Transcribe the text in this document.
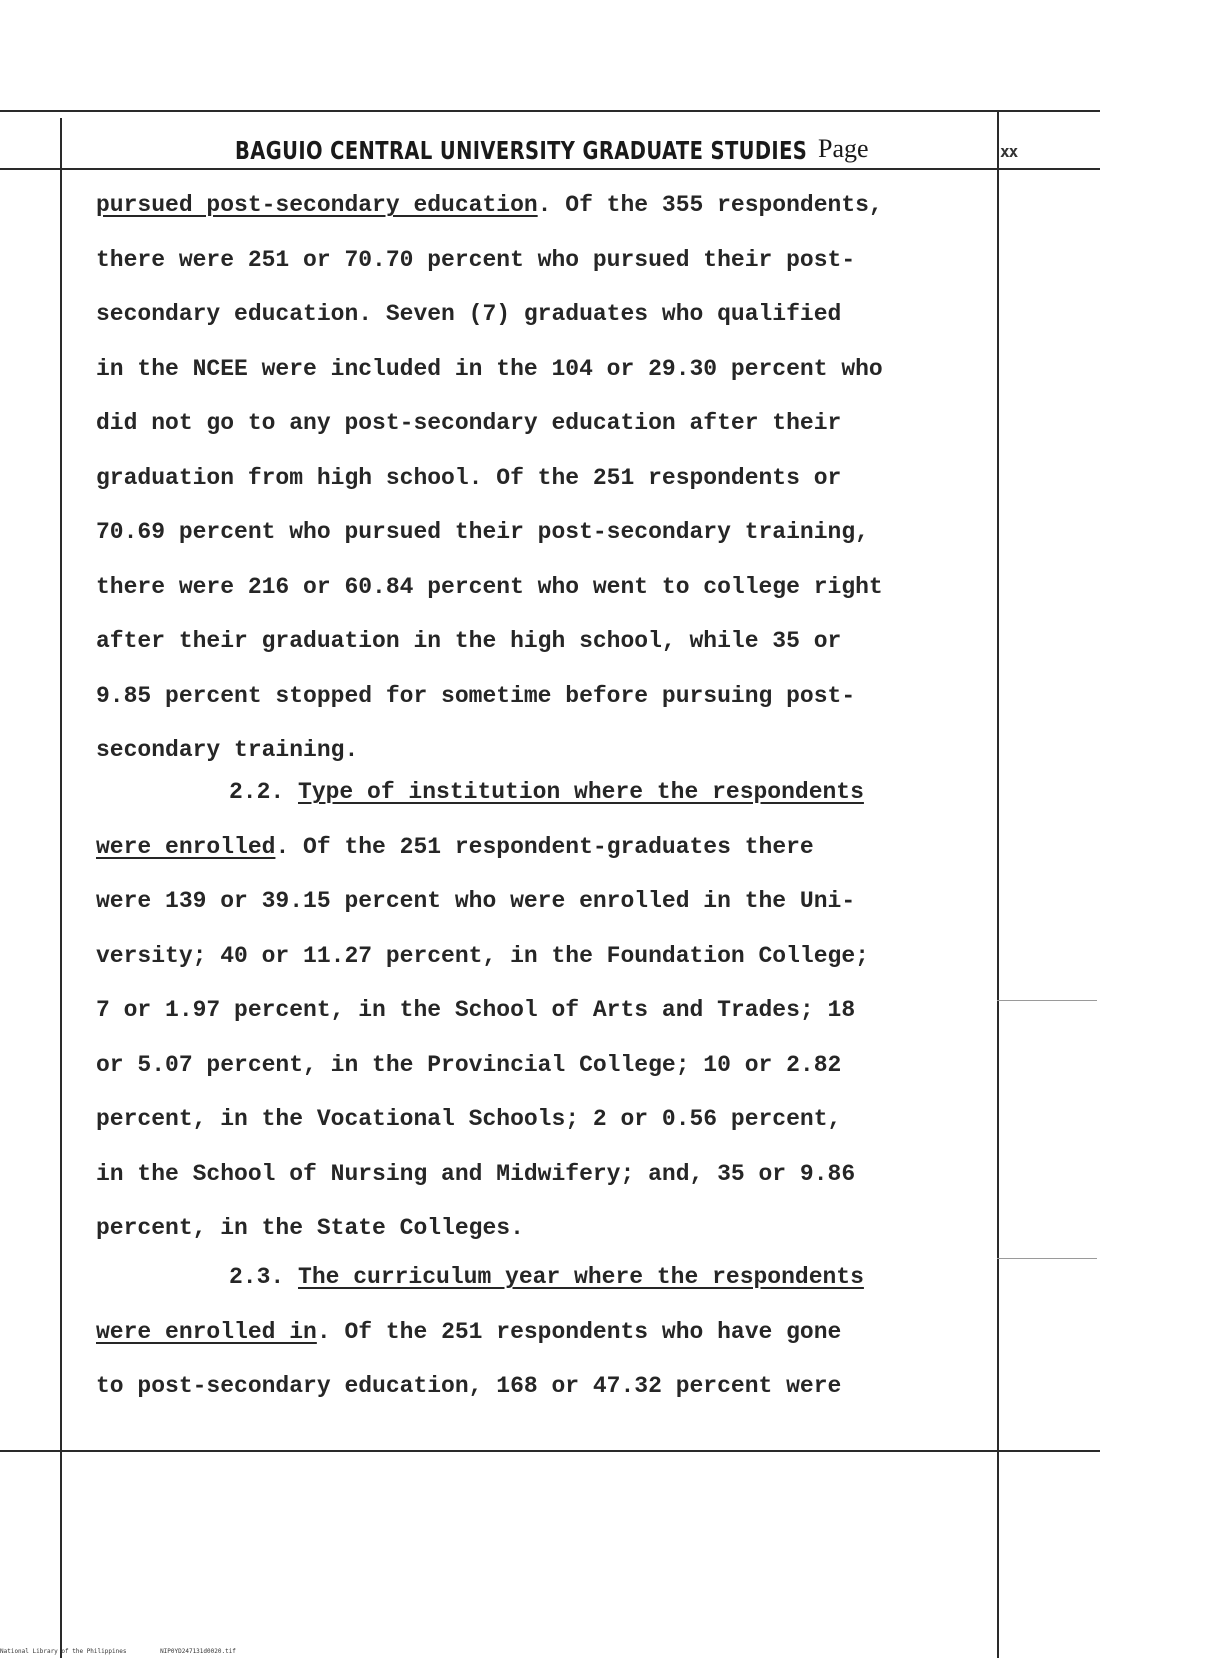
BAGUIO CENTRAL UNIVERSITY GRADUATE STUDIES Page	xx
pursued post-secondary education. Of the 355 respondents,
there were 251 or 70.70 percent who pursued their post-
secondary education. Seven (7) graduates who qualified
in the NCEE were included in the 104 or 29.30 percent who
did not go to any post-secondary education after their
graduation from high school. Of the 251 respondents or
70.69 percent who pursued their post-secondary training,
there were 216 or 60.84 percent who went to college right
after their graduation in the high school, while 35 or
9.85 percent stopped for sometime before pursuing post-
secondary training.
2.2. Type of institution where the respondents
were enrolled. Of the 251 respondent-graduates there
were 139 or 39.15 percent who were enrolled in the Uni-
versity; 40 or 11.27 percent, in the Foundation College;
7 or 1.97 percent, in the School of Arts and Trades; 18
or 5.07 percent, in the Provincial College; 10 or 2.82
percent, in the Vocational Schools; 2 or 0.56 percent,
in the School of Nursing and Midwifery; and, 35 or 9.86
percent, in the State Colleges.
2.3. The curriculum year where the respondents
were enrolled in. Of the 251 respondents who have gone
to post-secondary education, 168 or 47.32 percent were
National Library of the Philippines	NIP0YD247131d0020.tif
